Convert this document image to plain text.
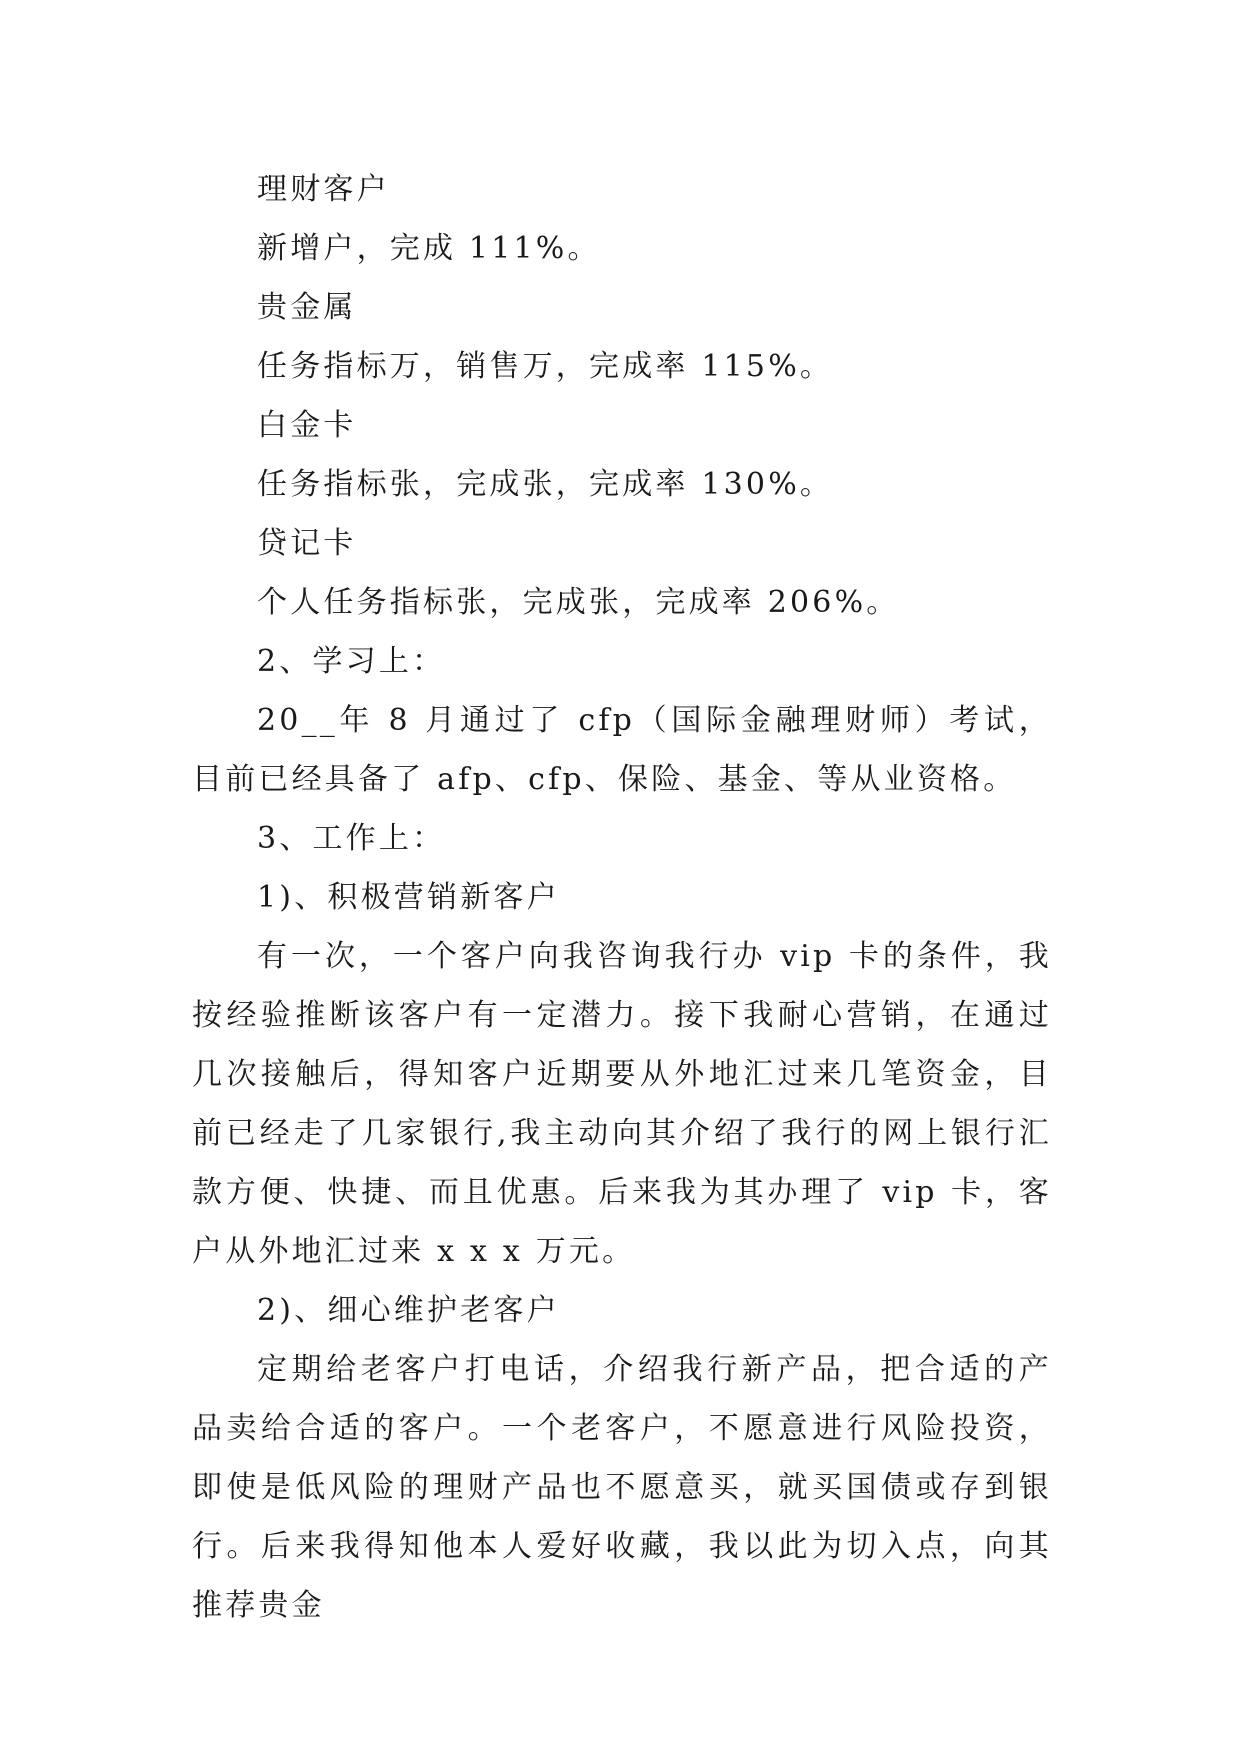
理财客户

新增户，完成 111%。

贵金属

任务指标万，销售万，完成率 115%。

白金卡

任务指标张，完成张，完成率 130%。

贷记卡

个人任务指标张，完成张，完成率 206%。

2、学习上：

20__年 8 月通过了 cfp（国际金融理财师）考试，目前已经具备了 afp、cfp、保险、基金、等从业资格。

3、工作上：

1)、积极营销新客户

有一次，一个客户向我咨询我行办 vip 卡的条件，我按经验推断该客户有一定潜力。接下我耐心营销，在通过几次接触后，得知客户近期要从外地汇过来几笔资金，目前已经走了几家银行,我主动向其介绍了我行的网上银行汇款方便、快捷、而且优惠。后来我为其办理了 vip 卡，客户从外地汇过来 x x x 万元。

2)、细心维护老客户

定期给老客户打电话，介绍我行新产品，把合适的产品卖给合适的客户。一个老客户，不愿意进行风险投资，即使是低风险的理财产品也不愿意买，就买国债或存到银行。后来我得知他本人爱好收藏，我以此为切入点，向其推荐贵金
